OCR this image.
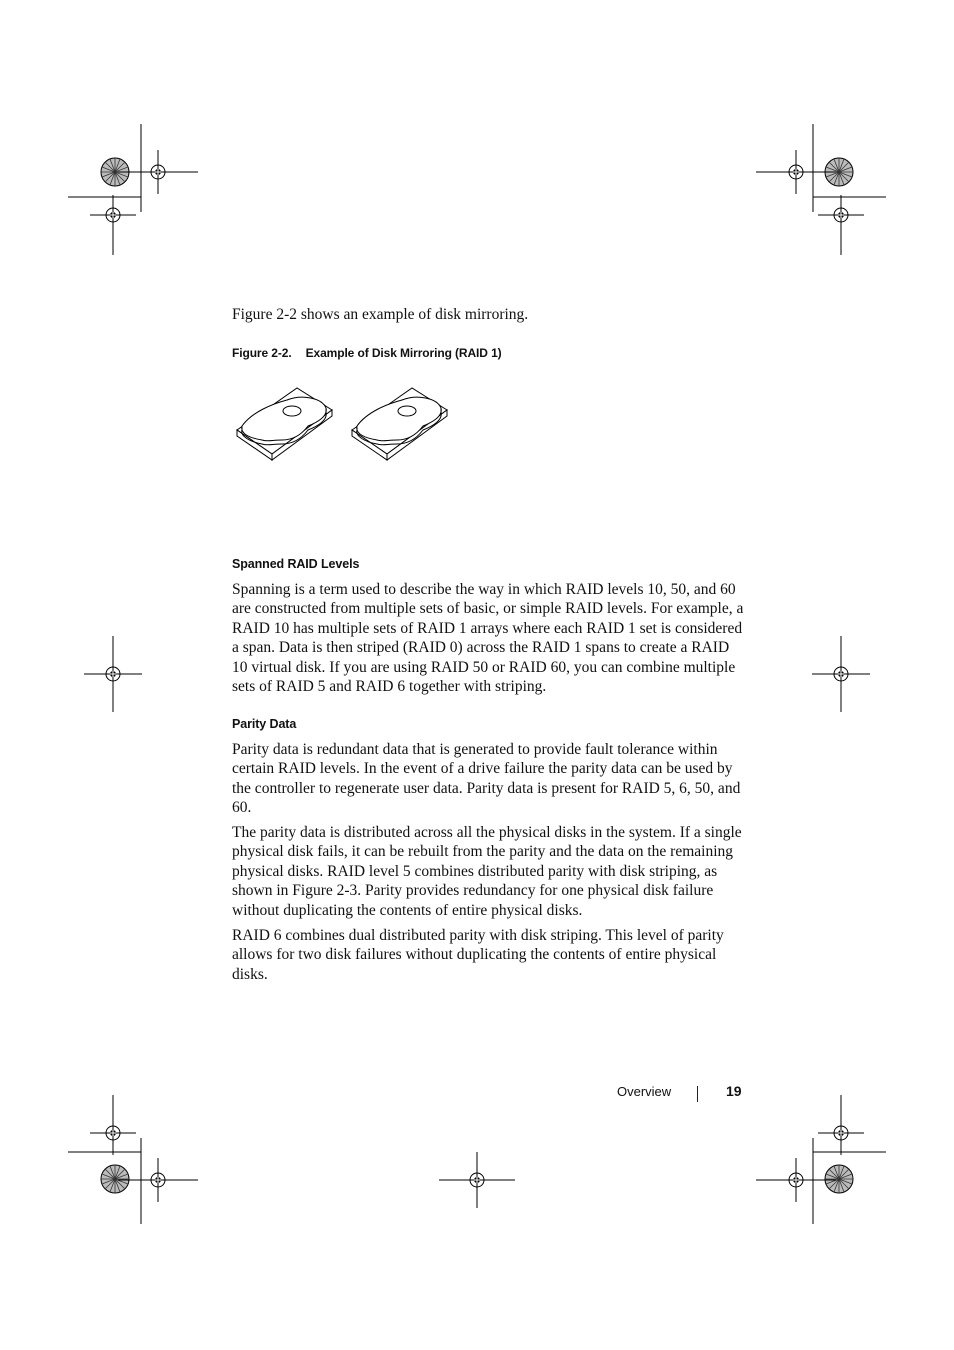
Figure 2-2 shows an example of disk mirroring.

Figure 2-2. Example of Disk Mirroring (RAID 1)

Spanned RAID Levels

Spanning is a term used to describe the way in which RAID levels 10, 50, and 60 are constructed from multiple sets of basic, or simple RAID levels. For example, a RAID 10 has multiple sets of RAID 1 arrays where each RAID 1 set is considered a span. Data is then striped (RAID 0) across the RAID 1 spans to create a RAID 10 virtual disk. If you are using RAID 50 or RAID 60, you can combine multiple sets of RAID 5 and RAID 6 together with striping.

Parity Data

Parity data is redundant data that is generated to provide fault tolerance within certain RAID levels. In the event of a drive failure the parity data can be used by the controller to regenerate user data. Parity data is present for RAID 5, 6, 50, and 60.

The parity data is distributed across all the physical disks in the system. If a single physical disk fails, it can be rebuilt from the parity and the data on the remaining physical disks. RAID level 5 combines distributed parity with disk striping, as shown in Figure 2-3. Parity provides redundancy for one physical disk failure without duplicating the contents of entire physical disks.

RAID 6 combines dual distributed parity with disk striping. This level of parity allows for two disk failures without duplicating the contents of entire physical disks.

Overview	19
